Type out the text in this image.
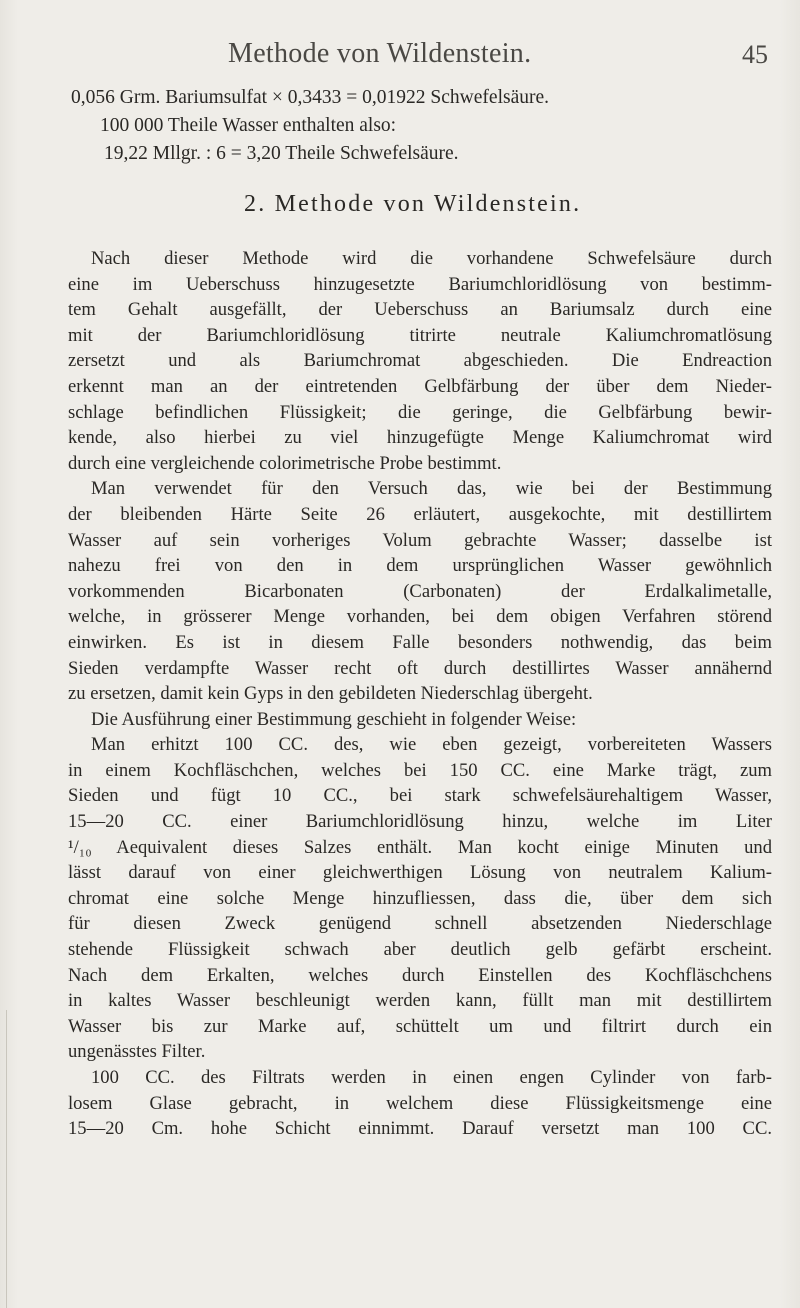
Methode von Wildenstein.	45
0,056 Grm. Bariumsulfat × 0,3433 = 0,01922 Schwefelsäure.
100 000 Theile Wasser enthalten also:
19,22 Mllgr. : 6 = 3,20 Theile Schwefelsäure.
2. Methode von Wildenstein.
Nach dieser Methode wird die vorhandene Schwefelsäure durch
eine im Ueberschuss hinzugesetzte Bariumchloridlösung von bestimm-
tem Gehalt ausgefällt, der Ueberschuss an Bariumsalz durch eine
mit der Bariumchloridlösung titrirte neutrale Kaliumchromatlösung
zersetzt und als Bariumchromat abgeschieden. Die Endreaction
erkennt man an der eintretenden Gelbfärbung der über dem Nieder-
schlage befindlichen Flüssigkeit; die geringe, die Gelbfärbung bewir-
kende, also hierbei zu viel hinzugefügte Menge Kaliumchromat wird
durch eine vergleichende colorimetrische Probe bestimmt.
Man verwendet für den Versuch das, wie bei der Bestimmung
der bleibenden Härte Seite 26 erläutert, ausgekochte, mit destillirtem
Wasser auf sein vorheriges Volum gebrachte Wasser; dasselbe ist
nahezu frei von den in dem ursprünglichen Wasser gewöhnlich
vorkommenden Bicarbonaten (Carbonaten) der Erdalkalimetalle,
welche, in grösserer Menge vorhanden, bei dem obigen Verfahren störend
einwirken. Es ist in diesem Falle besonders nothwendig, das beim
Sieden verdampfte Wasser recht oft durch destillirtes Wasser annähernd
zu ersetzen, damit kein Gyps in den gebildeten Niederschlag übergeht.
Die Ausführung einer Bestimmung geschieht in folgender Weise:
Man erhitzt 100 CC. des, wie eben gezeigt, vorbereiteten Wassers
in einem Kochfläschchen, welches bei 150 CC. eine Marke trägt, zum
Sieden und fügt 10 CC., bei stark schwefelsäurehaltigem Wasser,
15—20 CC. einer Bariumchloridlösung hinzu, welche im Liter
¹/₁₀ Aequivalent dieses Salzes enthält. Man kocht einige Minuten und
lässt darauf von einer gleichwerthigen Lösung von neutralem Kalium-
chromat eine solche Menge hinzufliessen, dass die, über dem sich
für diesen Zweck genügend schnell absetzenden Niederschlage
stehende Flüssigkeit schwach aber deutlich gelb gefärbt erscheint.
Nach dem Erkalten, welches durch Einstellen des Kochfläschchens
in kaltes Wasser beschleunigt werden kann, füllt man mit destillirtem
Wasser bis zur Marke auf, schüttelt um und filtrirt durch ein
ungenässtes Filter.
100 CC. des Filtrats werden in einen engen Cylinder von farb-
losem Glase gebracht, in welchem diese Flüssigkeitsmenge eine
15—20 Cm. hohe Schicht einnimmt. Darauf versetzt man 100 CC.
